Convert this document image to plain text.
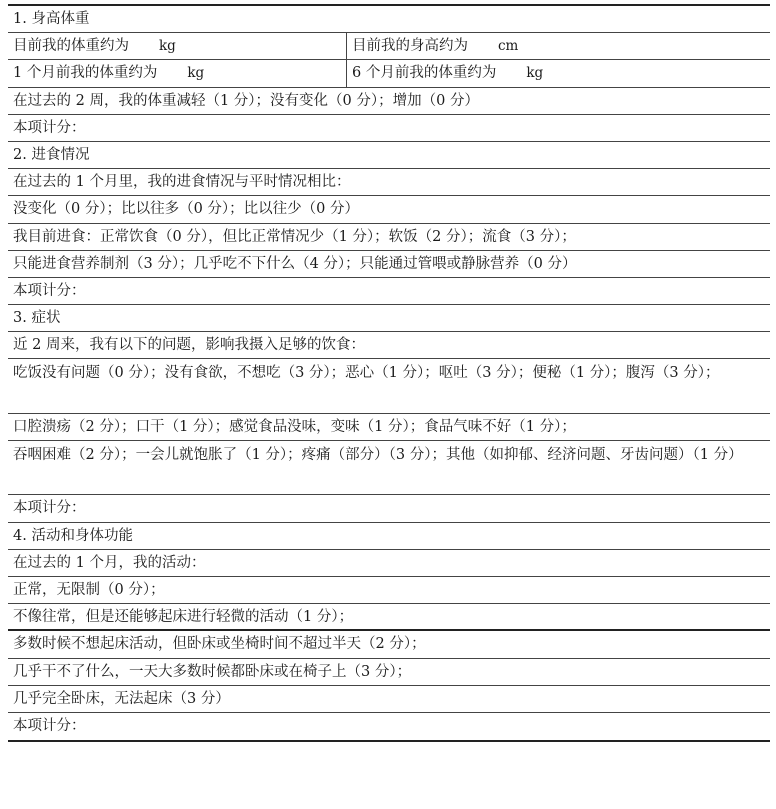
1. 身高体重
目前我的体重约为 kg	目前我的身高约为 cm
1 个月前我的体重约为 kg	6 个月前我的体重约为 kg
在过去的 2 周，我的体重减轻（1 分）；没有变化（0 分）；增加（0 分）
本项计分：
2. 进食情况
在过去的 1 个月里，我的进食情况与平时情况相比：
没变化（0 分）；比以往多（0 分）；比以往少（0 分）
我目前进食：正常饮食（0 分），但比正常情况少（1 分）；软饭（2 分）；流食（3 分）；
只能进食营养制剂（3 分）；几乎吃不下什么（4 分）；只能通过管喂或静脉营养（0 分）
本项计分：
3. 症状
近 2 周来，我有以下的问题，影响我摄入足够的饮食：
吃饭没有问题（0 分）；没有食欲，不想吃（3 分）；恶心（1 分）；呕吐（3 分）；便秘（1 分）；腹泻（3 分）；
口腔溃疡（2 分）；口干（1 分）；感觉食品没味，变味（1 分）；食品气味不好（1 分）；
吞咽困难（2 分）；一会儿就饱胀了（1 分）；疼痛（部分）（3 分）；其他（如抑郁、经济问题、牙齿问题）（1 分）
本项计分：
4. 活动和身体功能
在过去的 1 个月，我的活动：
正常，无限制（0 分）；
不像往常，但是还能够起床进行轻微的活动（1 分）；
多数时候不想起床活动，但卧床或坐椅时间不超过半天（2 分）；
几乎干不了什么，一天大多数时候都卧床或在椅子上（3 分）；
几乎完全卧床，无法起床（3 分）
本项计分：
